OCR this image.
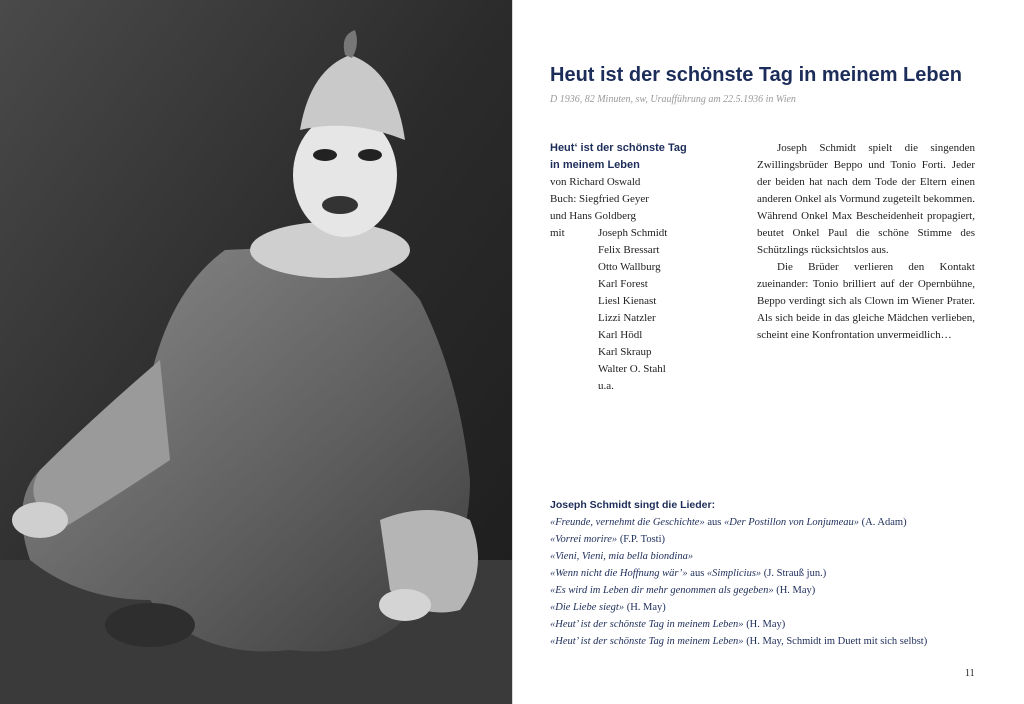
Heut ist der schönste Tag in meinem Leben
D 1936, 82 Minuten, sw, Uraufführung am 22.5.1936 in Wien
Heut‘ ist der schönste Tag
in meinem Leben
von Richard Oswald
Buch: Siegfried Geyer
und Hans Goldberg
mit	Joseph Schmidt
Felix Bressart
Otto Wallburg
Karl Forest
Liesl Kienast
Lizzi Natzler
Karl Hödl
Karl Skraup
Walter O. Stahl
u.a.

Joseph Schmidt spielt die singenden Zwillingsbrüder Beppo und Tonio Forti. Jeder der beiden hat nach dem Tode der Eltern einen anderen Onkel als Vormund zugeteilt bekommen. Während Onkel Max Bescheidenheit propagiert, beutet Onkel Paul die schöne Stimme des Schützlings rücksichtslos aus.

Die Brüder verlieren den Kontakt zueinander: Tonio brilliert auf der Opernbühne, Beppo verdingt sich als Clown im Wiener Prater. Als sich beide in das gleiche Mädchen verlieben, scheint eine Konfrontation unvermeidlich…

Joseph Schmidt singt die Lieder:
«Freunde, vernehmt die Geschichte» aus «Der Postillon von Lonjumeau» (A. Adam)
«Vorrei morire» (F.P. Tosti)
«Vieni, Vieni, mia bella biondina»
«Wenn nicht die Hoffnung wär’» aus «Simplicius» (J. Strauß jun.)
«Es wird im Leben dir mehr genommen als gegeben» (H. May)
«Die Liebe siegt» (H. May)
«Heut’ ist der schönste Tag in meinem Leben» (H. May)
«Heut’ ist der schönste Tag in meinem Leben» (H. May, Schmidt im Duett mit sich selbst)
11
